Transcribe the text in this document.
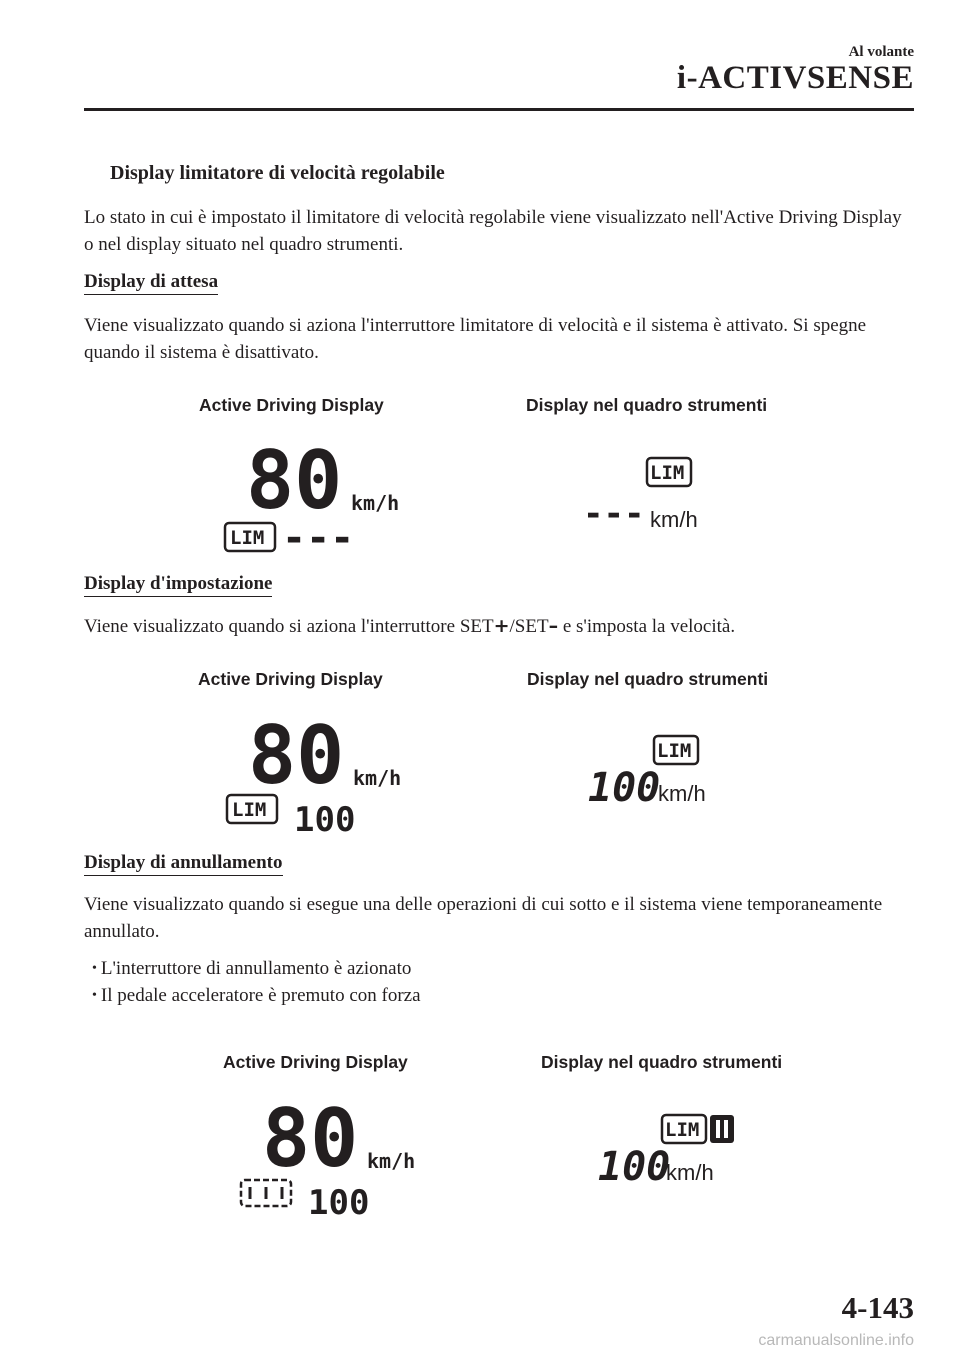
Al volante
i-ACTIVSENSE
Display limitatore di velocità regolabile

Lo stato in cui è impostato il limitatore di velocità regolabile viene visualizzato nell'Active Driving Display o nel display situato nel quadro strumenti.

Display di attesa

Viene visualizzato quando si aziona l'interruttore limitatore di velocità e il sistema è attivato. Si spegne quando il sistema è disattivato.

Active Driving Display	Display nel quadro strumenti
80 km/h
LIM ---
LIM
--- km/h
Display d'impostazione

Viene visualizzato quando si aziona l'interruttore SET+/SET– e s'imposta la velocità.

Active Driving Display	Display nel quadro strumenti
80 km/h
LIM 100
LIM
100
km/h
Display di annullamento

Viene visualizzato quando si esegue una delle operazioni di cui sotto e il sistema viene temporaneamente annullato.

• L'interruttore di annullamento è azionato
• Il pedale acceleratore è premuto con forza
Active Driving Display	Display nel quadro strumenti
80 km/h
100
LIM
100
km/h
4-143
carmanualsonline.info
